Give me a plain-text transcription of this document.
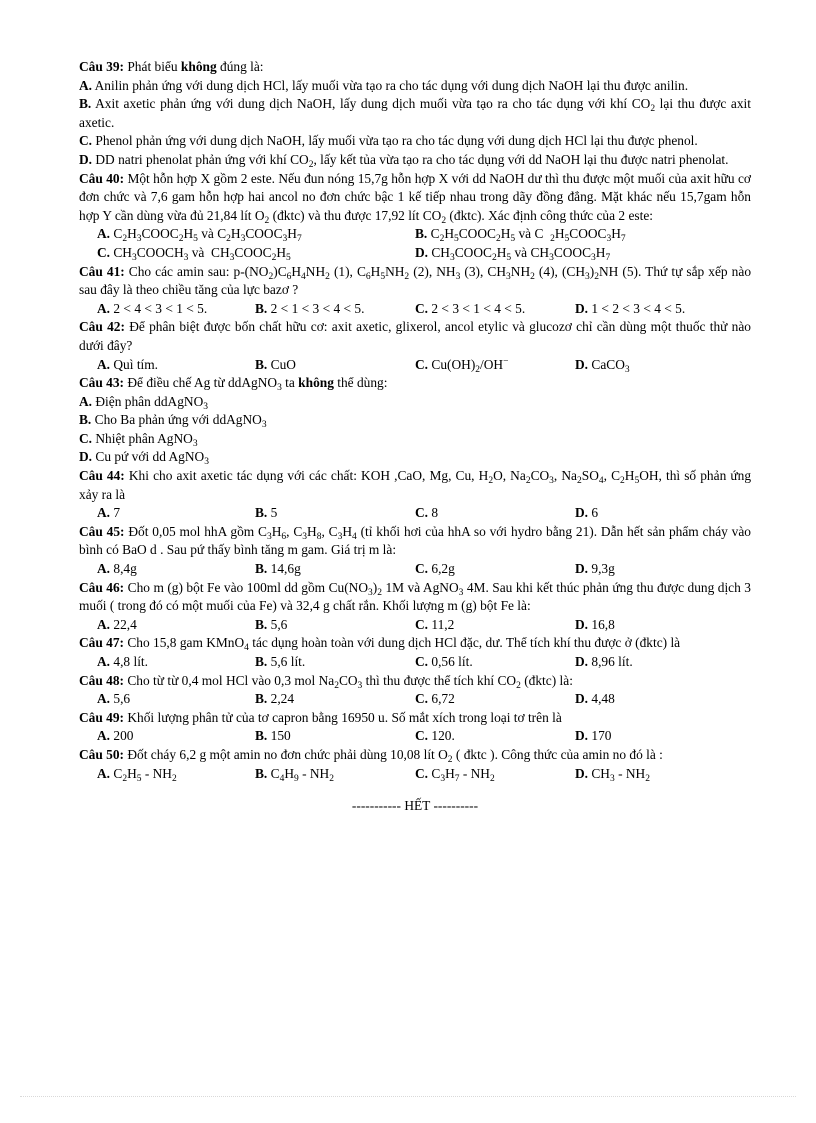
Câu 39: Phát biểu không đúng là:

A. Anilin phản ứng với dung dịch HCl, lấy muối vừa tạo ra cho tác dụng với dung dịch NaOH lại thu được anilin.

B. Axit axetic phản ứng với dung dịch NaOH, lấy dung dịch muối vừa tạo ra cho tác dụng với khí $CO_2$ lại thu được axit axetic.

C. Phenol phản ứng với dung dịch NaOH, lấy muối vừa tạo ra cho tác dụng với dung dịch HCl lại thu được phenol.

D. DD natri phenolat phản ứng với khí $CO_2$, lấy kết tủa vừa tạo ra cho tác dụng với dd NaOH lại thu được natri phenolat.

Câu 40: Một hỗn hợp X gồm 2 este. Nếu đun nóng 15,7g hỗn hợp X với dd NaOH dư thì thu được một muối của axit hữu cơ đơn chức và 7,6 gam hỗn hợp hai ancol no đơn chức bậc 1 kế tiếp nhau trong dãy đồng đẳng. Mặt khác nếu 15,7gam hỗn hợp Y cần dùng vừa đủ 21,84 lít $O_2$ (đktc) và thu được 17,92 lít $CO_2$ (đktc). Xác định công thức của 2 este:

A. $C_2H_3COOC_2H_5$ và $C_2H_3COOC_3H_7$	B. $C_2H_5COOC_2H_5$ và C  $_2H_5COOC_3H_7$
C. $CH_3COOCH_3$ và  $CH_3COOC_2H_5$	D. $CH_3COOC_2H_5$ và $CH_3COOC_3H_7$

Câu 41: Cho các amin sau: $p-(NO_2)C_6H_4NH_2$ (1), $C_6H_5NH_2$ (2), $NH_3$ (3), $CH_3NH_2$ (4), $(CH_3)_2NH$ (5). Thứ tự sắp xếp nào sau đây là theo chiều tăng của lực bazơ ?

A. 2 < 4 < 3 < 1 < 5.	B. 2 < 1 < 3 < 4 < 5.	C. 2 < 3 < 1 < 4 < 5.	D. 1 < 2 < 3 < 4 < 5.

Câu 42: Để phân biệt được bốn chất hữu cơ: axit axetic, glixerol, ancol etylic và glucozơ chỉ cần dùng một thuốc thử nào dưới đây?

A. Quì tím.	B. CuO	C. $Cu(OH)_2/OH^-$	D. CaCO$_3$

Câu 43: Để điều chế Ag từ ddAgNO$_3$ ta không thể dùng:

A. Điện phân ddAgNO$_3$

B. Cho Ba phản ứng với ddAgNO$_3$

C. Nhiệt phân AgNO$_3$

D. Cu pứ với dd AgNO$_3$

Câu 44: Khi cho axit axetic tác dụng với các chất: KOH ,CaO, Mg, Cu, $H_2O$, $Na_2CO_3$, $Na_2SO_4$, $C_2H_5OH$, thì số phản ứng xảy ra là

A. 7	B. 5	C. 8	D. 6

Câu 45: Đốt 0,05 mol hhA gồm $C_3H_6$, $C_3H_8$, $C_3H_4$ (tỉ khối hơi của hhA so với hydro bằng 21). Dẫn hết sản phẩm cháy vào bình có BaO d . Sau pứ thấy bình tăng m gam. Giá trị m là:

A. 8,4g	B. 14,6g	C. 6,2g	D. 9,3g

Câu 46: Cho m (g) bột Fe vào 100ml dd gồm $Cu(NO_3)_2$ 1M và AgNO$_3$ 4M. Sau khi kết thúc phản ứng thu được dung dịch 3 muối ( trong đó có một muối của Fe) và 32,4 g chất rắn. Khối lượng m (g) bột Fe là:

A. 22,4	B. 5,6	C. 11,2	D. 16,8

Câu 47: Cho 15,8 gam KMnO$_4$ tác dụng hoàn toàn với dung dịch HCl đặc, dư. Thể tích khí thu được ở (đktc) là

A. 4,8 lít.	B. 5,6 lít.	C. 0,56 lít.	D. 8,96 lít.

Câu 48: Cho từ từ 0,4 mol HCl vào 0,3 mol $Na_2CO_3$ thì thu được thể tích khí $CO_2$ (đktc) là:

A. 5,6	B. 2,24	C. 6,72	D. 4,48

Câu 49: Khối lượng phân tử của tơ capron bằng 16950 u. Số mắt xích trong loại tơ trên là

A. 200	B. 150	C. 120.	D. 170

Câu 50: Đốt cháy 6,2 g một amin no đơn chức phải dùng 10,08 lít $O_2$ ( đktc ). Công thức của amin no đó là :

A. $C_2H_5 - NH_2$	B. $C_4H_9 - NH_2$	C. $C_3H_7 - NH_2$	D. $CH_3 - NH_2$

----------- HẾT ----------
